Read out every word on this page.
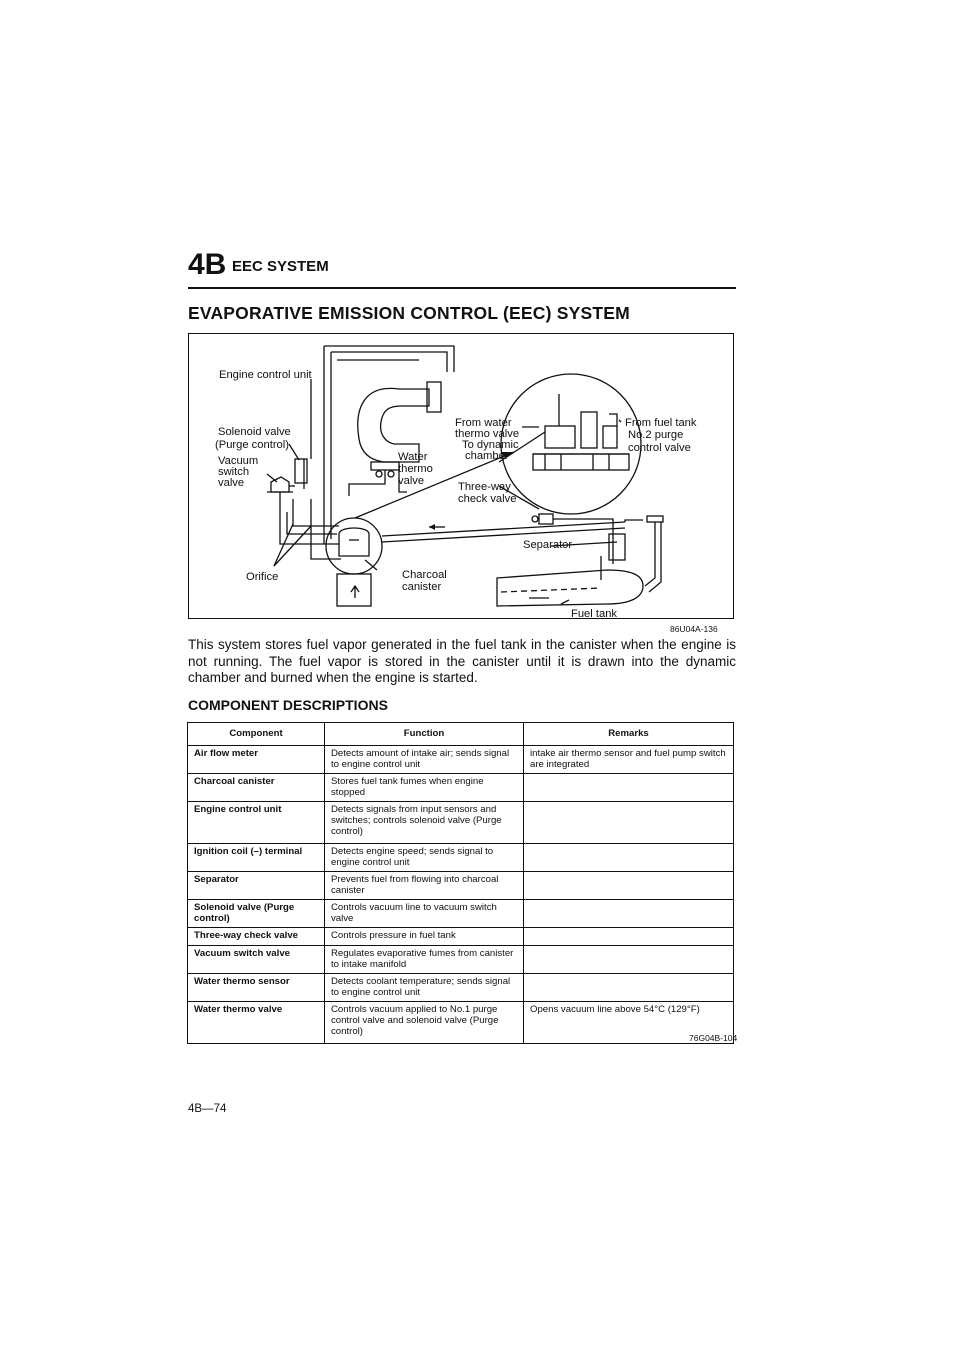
4B EEC SYSTEM
EVAPORATIVE EMISSION CONTROL (EEC) SYSTEM
Engine control unit
Solenoid valve
(Purge control)
Vacuum
switch
valve
Water
thermo
valve
From water
thermo valve
To dynamic
chamber
From fuel tank
No.2 purge
control valve
Three-way
check valve
Separator
Orifice	Charcoal
canister
Fuel tank
86U04A-136
This system stores fuel vapor generated in the fuel tank in the canister when the engine is not running. The fuel vapor is stored in the canister until it is drawn into the dynamic chamber and burned when the engine is started.
COMPONENT DESCRIPTIONS
Component	Function	Remarks
Air flow meter	Detects amount of intake air; sends signal to engine control unit	intake air thermo sensor and fuel pump switch are integrated
Charcoal canister	Stores fuel tank fumes when engine stopped	
Engine control unit	Detects signals from input sensors and switches; controls solenoid valve (Purge control)	
Ignition coil (–) terminal	Detects engine speed; sends signal to engine control unit	
Separator	Prevents fuel from flowing into charcoal canister	
Solenoid valve (Purge control)	Controls vacuum line to vacuum switch valve	
Three-way check valve	Controls pressure in fuel tank	
Vacuum switch valve	Regulates evaporative fumes from canister to intake manifold	
Water thermo sensor	Detects coolant temperature; sends signal to engine control unit	
Water thermo valve	Controls vacuum applied to No.1 purge control valve and solenoid valve (Purge control)	Opens vacuum line above 54°C (129°F)
76G04B-104
4B—74
